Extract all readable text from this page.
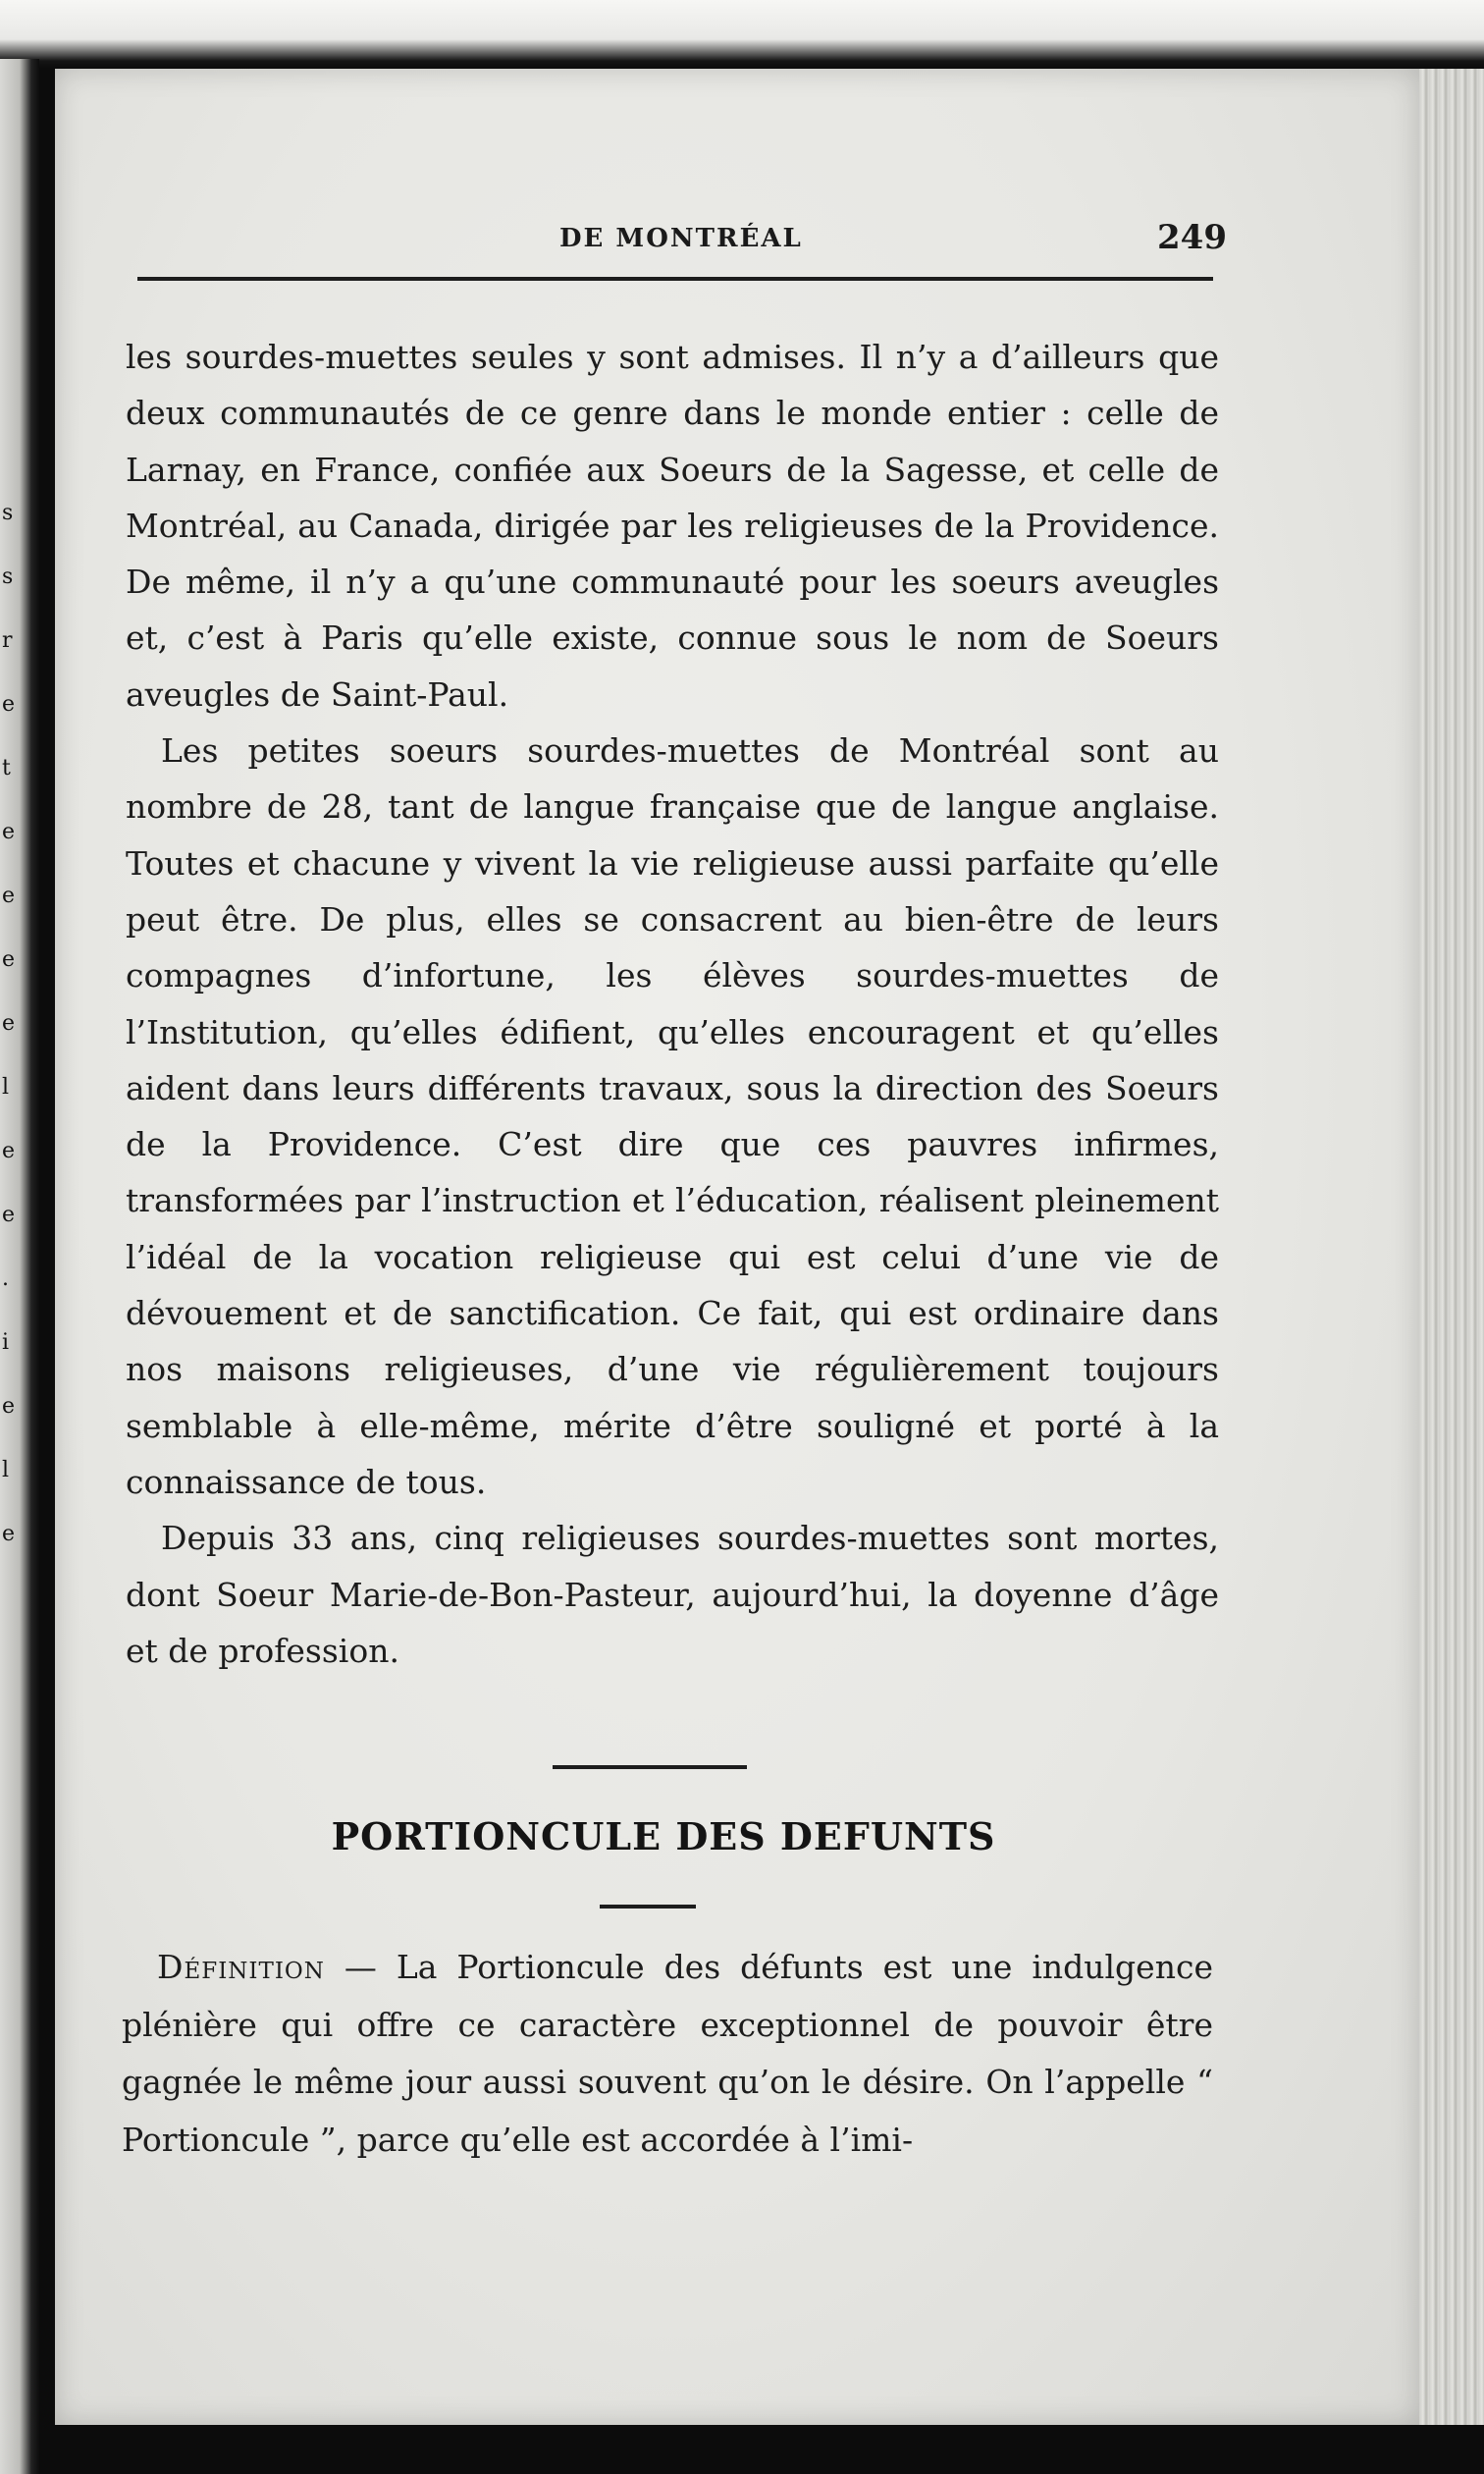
s
s
r
e
t
e
e
e
e
l
e
e
.
i
e
l
e
DE MONTRÉAL	249

les sourdes-muettes seules y sont admises. Il n’y a d’ailleurs que deux communautés de ce genre dans le monde entier : celle de Larnay, en France, confiée aux Soeurs de la Sagesse, et celle de Montréal, au Canada, dirigée par les religieuses de la Providence. De même, il n’y a qu’une communauté pour les soeurs aveugles et, c’est à Paris qu’elle existe, connue sous le nom de Soeurs aveugles de Saint-Paul.

Les petites soeurs sourdes-muettes de Montréal sont au nombre de 28, tant de langue française que de langue anglaise. Toutes et chacune y vivent la vie religieuse aussi parfaite qu’elle peut être. De plus, elles se consacrent au bien-être de leurs compagnes d’infortune, les élèves sourdes-muettes de l’Institution, qu’elles édifient, qu’elles encouragent et qu’elles aident dans leurs différents travaux, sous la direction des Soeurs de la Providence. C’est dire que ces pauvres infirmes, transformées par l’instruction et l’éducation, réalisent pleinement l’idéal de la vocation religieuse qui est celui d’une vie de dévouement et de sanctification. Ce fait, qui est ordinaire dans nos maisons religieuses, d’une vie régulièrement toujours semblable à elle-même, mérite d’être souligné et porté à la connaissance de tous.

Depuis 33 ans, cinq religieuses sourdes-muettes sont mortes, dont Soeur Marie-de-Bon-Pasteur, aujourd’hui, la doyenne d’âge et de profession.

PORTIONCULE DES DEFUNTS

Définition — La Portioncule des défunts est une indulgence plénière qui offre ce caractère exceptionnel de pouvoir être gagnée le même jour aussi souvent qu’on le désire. On l’appelle “ Portioncule ”, parce qu’elle est accordée à l’imi-
